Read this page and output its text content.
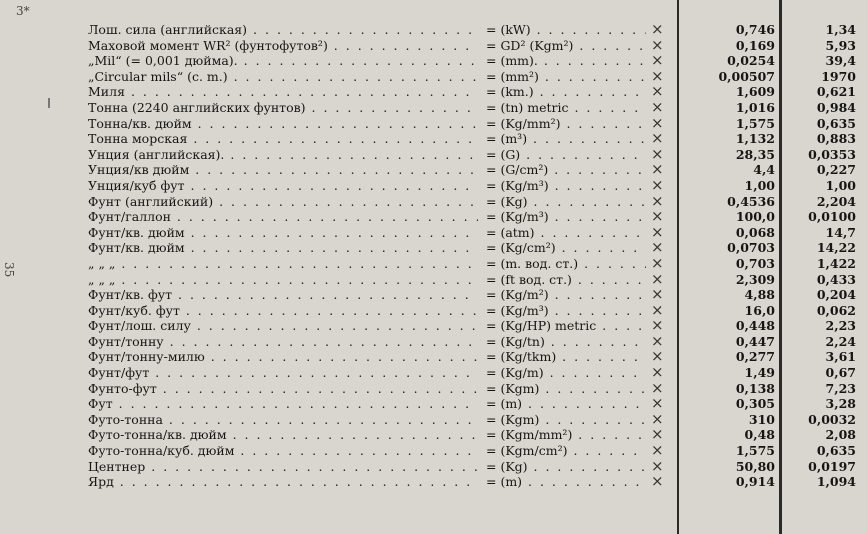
3*
35
Лош. сила (английская) . . .	= (kW) . . .	×	0,746	1,34
Маховой момент WR² (фунтофутов²) . . .	= GD² (Kgm²) . . .	×	0,169	5,93
„Mil“ (= 0,001 дюйма). . . .	= (mm). . . .	×	0,0254	39,4
„Circular mils“ (c. m.) . . .	= (mm²) . . .	×	0,00507	1970
Миля . . .	= (km.) . . .	×	1,609	0,621
Тонна (2240 английских фунтов) . . .	= (tn) metric . . .	×	1,016	0,984
Тонна/кв. дюйм . . .	= (Kg/mm²) . . .	×	1,575	0,635
Тонна морская . . .	= (m³) . . .	×	1,132	0,883
Унция (английская). . . .	= (G) . . .	×	28,35	0,0353
Унция/кв дюйм . . .	= (G/cm²) . . .	×	4,4	0,227
Унция/куб фут . . .	= (Kg/m³) . . .	×	1,00	1,00
Фунт (английский) . . .	= (Kg) . . .	×	0,4536	2,204
Фунт/галлон . . .	= (Kg/m³) . . .	×	100,0	0,0100
Фунт/кв. дюйм . . .	= (atm) . . .	×	0,068	14,7
Фунт/кв. дюйм . . .	= (Kg/cm²) . . .	×	0,0703	14,22
„ „ „ . . .	= (m. вод. ст.) . . .	×	0,703	1,422
„ „ „ . . .	= (ft вод. ст.) . . .	×	2,309	0,433
Фунт/кв. фут . . .	= (Kg/m²) . . .	×	4,88	0,204
Фунт/куб. фут . . .	= (Kg/m³) . . .	×	16,0	0,062
Фунт/лош. силу . . .	= (Kg/HP) metric . . .	×	0,448	2,23
Фунт/тонну . . .	= (Kg/tn) . . .	×	0,447	2,24
Фунт/тонну-милю . . .	= (Kg/tkm) . . .	×	0,277	3,61
Фунт/фут . . .	= (Kg/m) . . .	×	1,49	0,67
Фунто-фут . . .	= (Kgm) . . .	×	0,138	7,23
Фут . . .	= (m) . . .	×	0,305	3,28
Футо-тонна . . .	= (Kgm) . . .	×	310	0,0032
Футо-тонна/кв. дюйм . . .	= (Kgm/mm²) . . .	×	0,48	2,08
Футо-тонна/куб. дюйм . . .	= (Kgm/cm²) . . .	×	1,575	0,635
Центнер . . .	= (Kg) . . .	×	50,80	0,0197
Ярд . . .	= (m) . . .	×	0,914	1,094
